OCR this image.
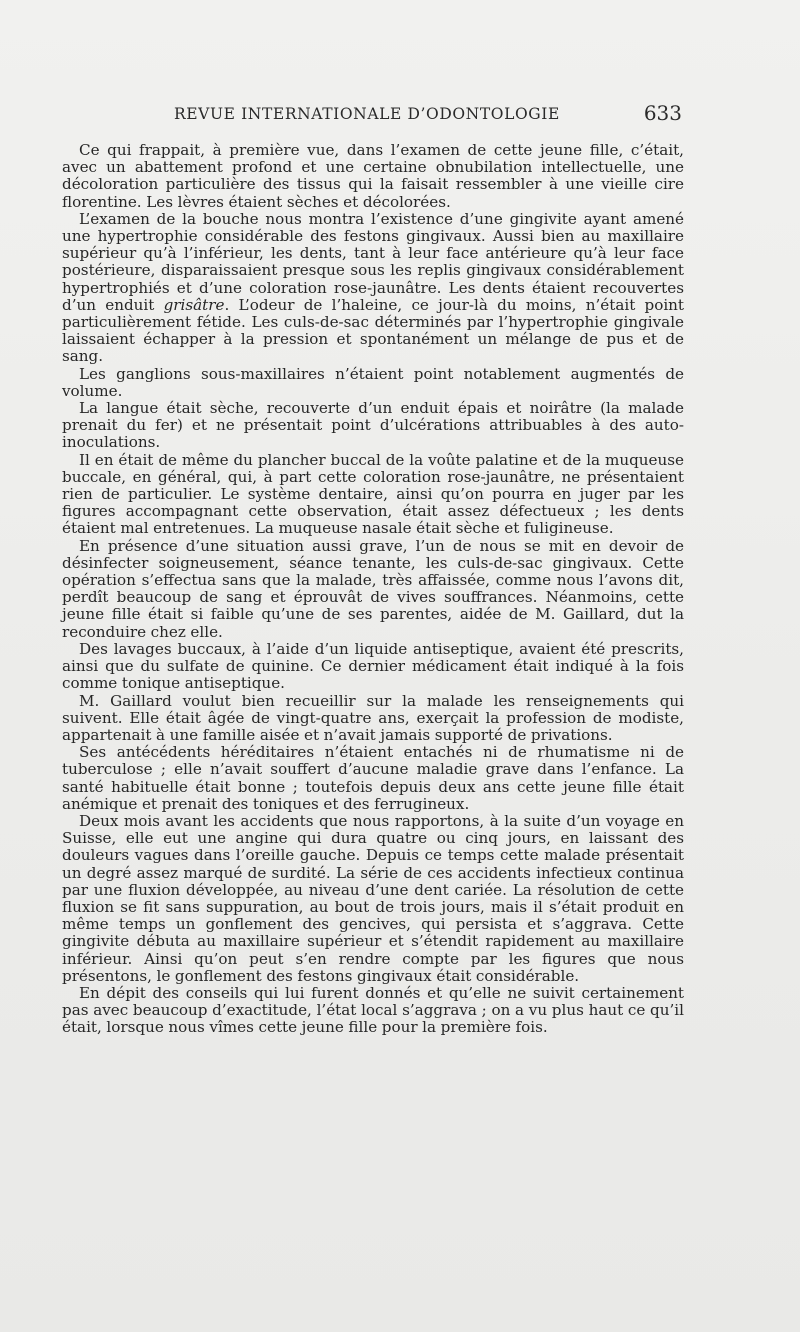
REVUE INTERNATIONALE D’ODONTOLOGIE	633

Ce qui frappait, à première vue, dans l’examen de cette jeune fille, c’était, avec un abattement profond et une certaine obnubilation intellectuelle, une décoloration particulière des tissus qui la faisait ressembler à une vieille cire florentine. Les lèvres étaient sèches et décolorées.

L’examen de la bouche nous montra l’existence d’une gingivite ayant amené une hypertrophie considérable des festons gingivaux. Aussi bien au maxillaire supérieur qu’à l’inférieur, les dents, tant à leur face antérieure qu’à leur face postérieure, disparaissaient presque sous les replis gingivaux considérablement hypertrophiés et d’une coloration rose-jaunâtre. Les dents étaient recouvertes d’un enduit grisâtre. L’odeur de l’haleine, ce jour-là du moins, n’était point particulièrement fétide. Les culs-de-sac déterminés par l’hypertrophie gingivale laissaient échapper à la pression et spontanément un mélange de pus et de sang.

Les ganglions sous-maxillaires n’étaient point notablement augmentés de volume.

La langue était sèche, recouverte d’un enduit épais et noirâtre (la malade prenait du fer) et ne présentait point d’ulcérations attribuables à des auto-inoculations.

Il en était de même du plancher buccal de la voûte palatine et de la muqueuse buccale, en général, qui, à part cette coloration rose-jaunâtre, ne présentaient rien de particulier. Le système dentaire, ainsi qu’on pourra en juger par les figures accompagnant cette observation, était assez défectueux ; les dents étaient mal entretenues. La muqueuse nasale était sèche et fuligineuse.

En présence d’une situation aussi grave, l’un de nous se mit en devoir de désinfecter soigneusement, séance tenante, les culs-de-sac gingivaux. Cette opération s’effectua sans que la malade, très affaissée, comme nous l’avons dit, perdît beaucoup de sang et éprouvât de vives souffrances. Néanmoins, cette jeune fille était si faible qu’une de ses parentes, aidée de M. Gaillard, dut la reconduire chez elle.

Des lavages buccaux, à l’aide d’un liquide antiseptique, avaient été prescrits, ainsi que du sulfate de quinine. Ce dernier médicament était indiqué à la fois comme tonique antiseptique.

M. Gaillard voulut bien recueillir sur la malade les renseignements qui suivent. Elle était âgée de vingt-quatre ans, exerçait la profession de modiste, appartenait à une famille aisée et n’avait jamais supporté de privations.

Ses antécédents héréditaires n’étaient entachés ni de rhumatisme ni de tuberculose ; elle n’avait souffert d’aucune maladie grave dans l’enfance. La santé habituelle était bonne ; toutefois depuis deux ans cette jeune fille était anémique et prenait des toniques et des ferrugineux.

Deux mois avant les accidents que nous rapportons, à la suite d’un voyage en Suisse, elle eut une angine qui dura quatre ou cinq jours, en laissant des douleurs vagues dans l’oreille gauche. Depuis ce temps cette malade présentait un degré assez marqué de surdité. La série de ces accidents infectieux continua par une fluxion développée, au niveau d’une dent cariée. La résolution de cette fluxion se fit sans suppuration, au bout de trois jours, mais il s’était produit en même temps un gonflement des gencives, qui persista et s’aggrava. Cette gingivite débuta au maxillaire supérieur et s’étendit rapidement au maxillaire inférieur. Ainsi qu’on peut s’en rendre compte par les figures que nous présentons, le gonflement des festons gingivaux était considérable.

En dépit des conseils qui lui furent donnés et qu’elle ne suivit certainement pas avec beaucoup d’exactitude, l’état local s’aggrava ; on a vu plus haut ce qu’il était, lorsque nous vîmes cette jeune fille pour la première fois.
